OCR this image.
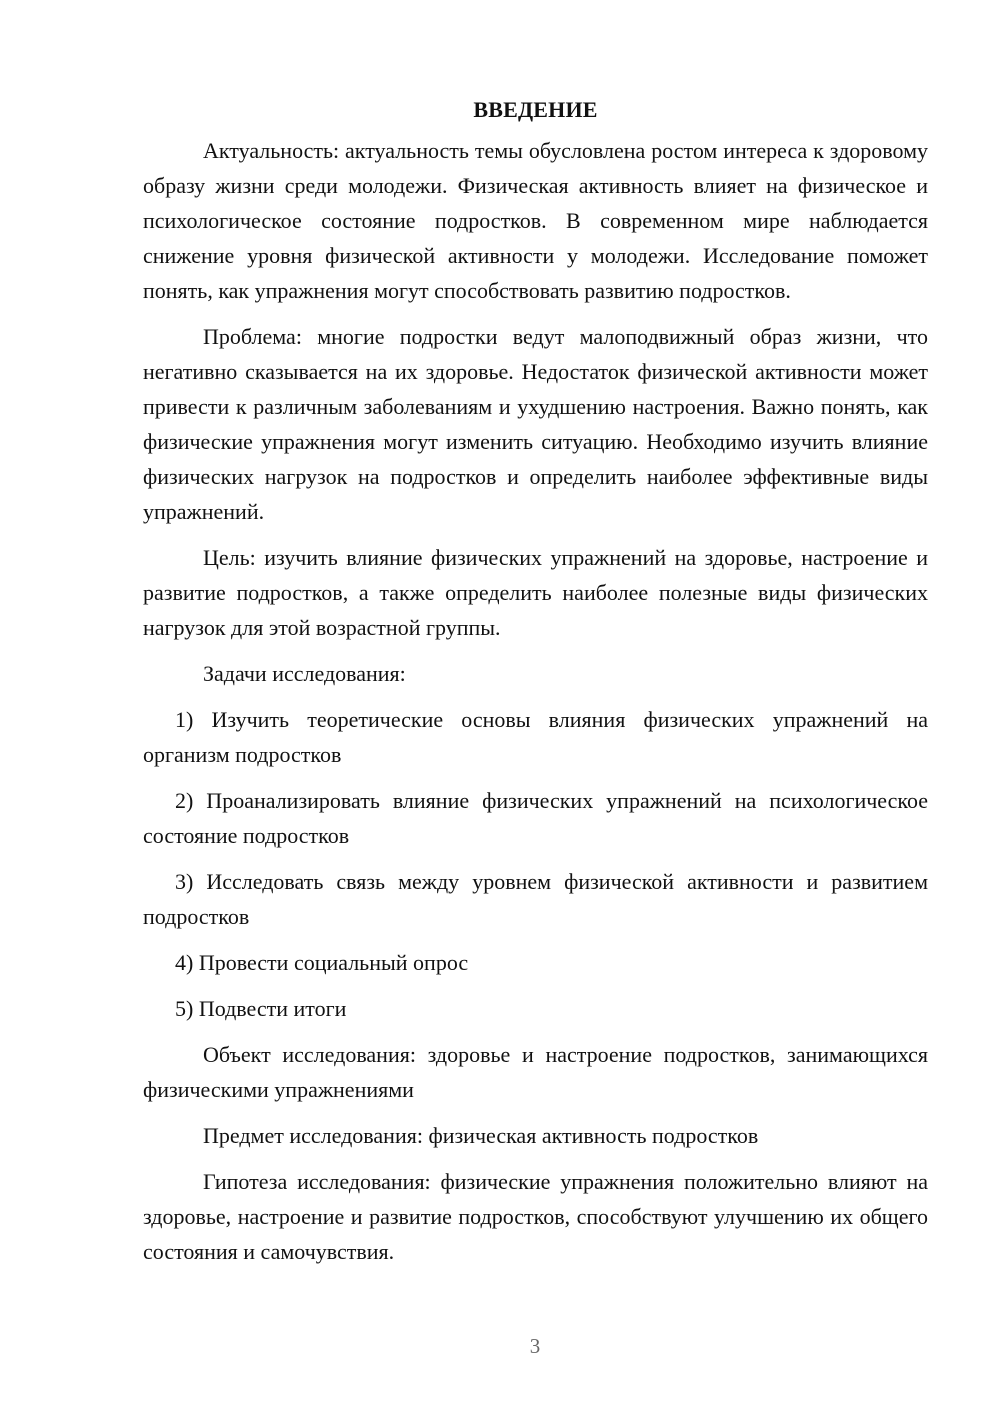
ВВЕДЕНИЕ

Актуальность: актуальность темы обусловлена ростом интереса к здоровому образу жизни среди молодежи. Физическая активность влияет на физическое и психологическое состояние подростков. В современном мире наблюдается снижение уровня физической активности у молодежи. Исследование поможет понять, как упражнения могут способствовать развитию подростков.

Проблема: многие подростки ведут малоподвижный образ жизни, что негативно сказывается на их здоровье. Недостаток физической активности может привести к различным заболеваниям и ухудшению настроения. Важно понять, как физические упражнения могут изменить ситуацию. Необходимо изучить влияние физических нагрузок на подростков и определить наиболее эффективные виды упражнений.

Цель: изучить влияние физических упражнений на здоровье, настроение и развитие подростков, а также определить наиболее полезные виды физических нагрузок для этой возрастной группы.

Задачи исследования:

1) Изучить теоретические основы влияния физических упражнений на организм подростков

2) Проанализировать влияние физических упражнений на психологическое состояние подростков

3) Исследовать связь между уровнем физической активности и развитием подростков

4) Провести социальный опрос

5) Подвести итоги

Объект исследования: здоровье и настроение подростков, занимающихся физическими упражнениями

Предмет исследования: физическая активность подростков

Гипотеза исследования: физические упражнения положительно влияют на здоровье, настроение и развитие подростков, способствуют улучшению их общего состояния и самочувствия.

3
